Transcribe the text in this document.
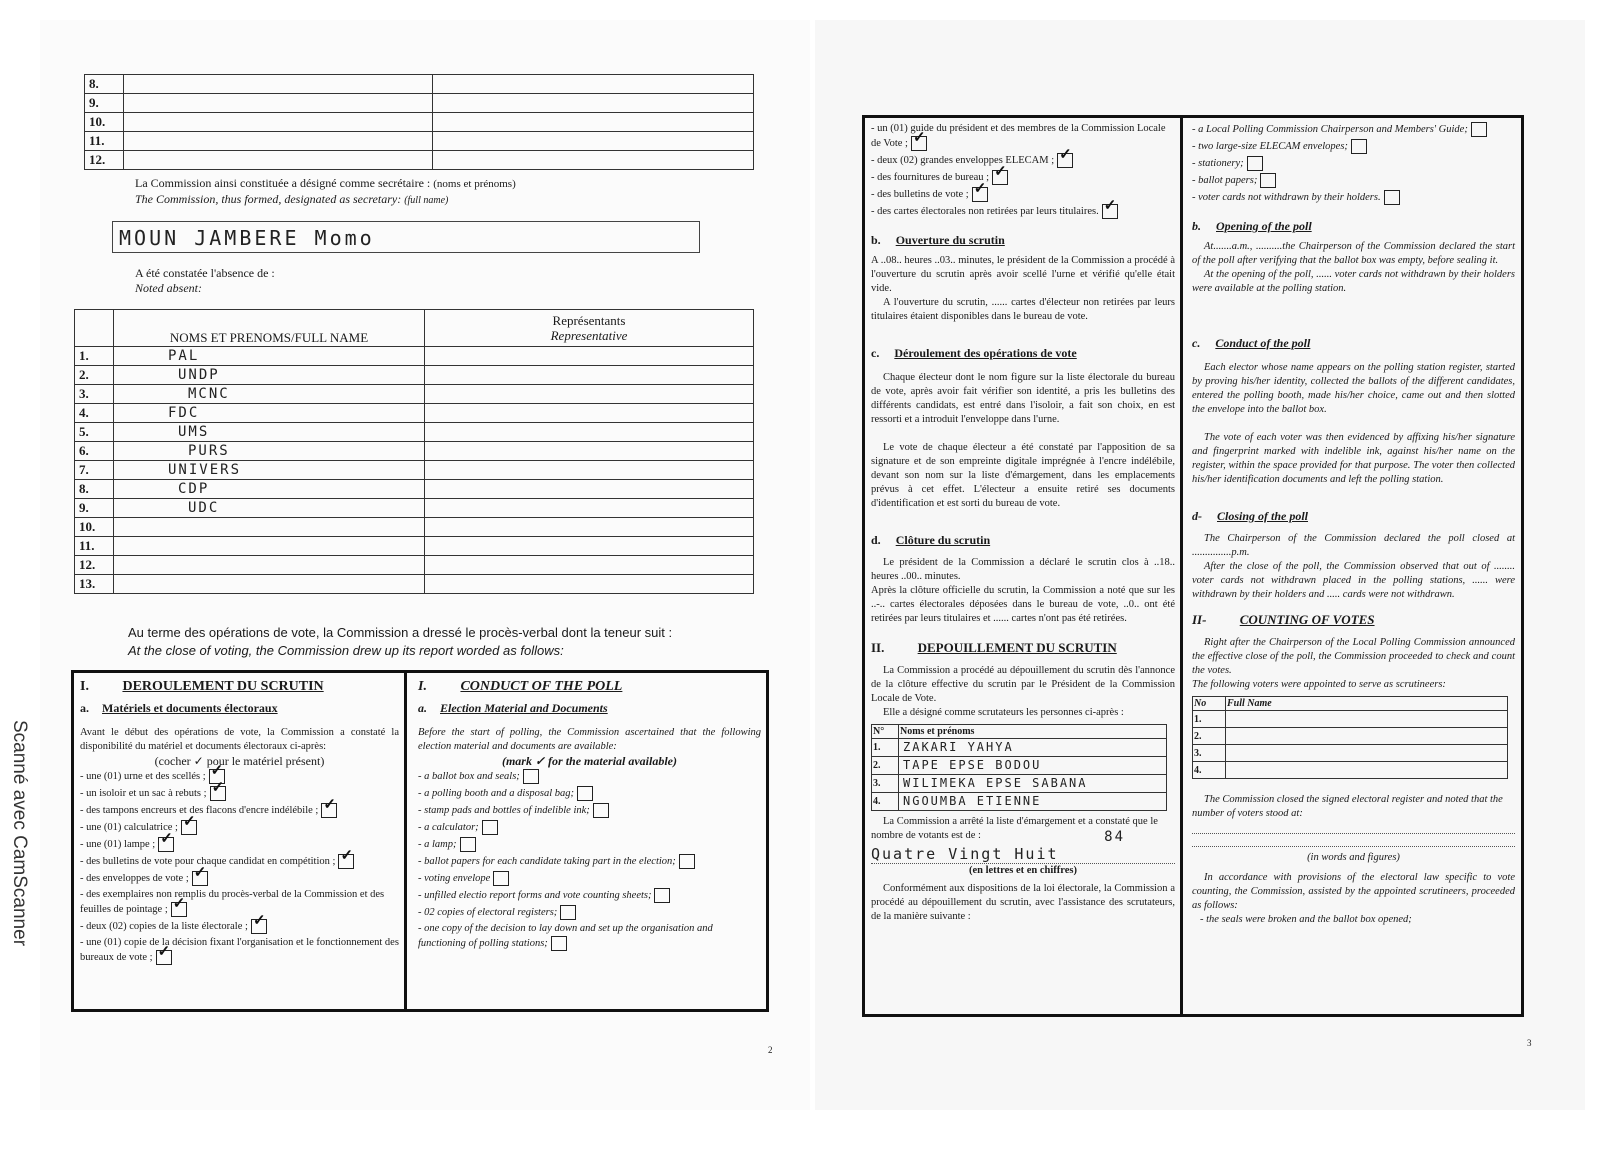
8.		
9.		
10.		
11.		
12.		
La Commission ainsi constituée a désigné comme secrétaire : (noms et prénoms)
The Commission, thus formed, designated as secretary: (full name)
MOUN JAMBERE Momo
A été constatée l'absence de :
Noted absent:
	NOMS ET PRENOMS/FULL NAME	Représentants
Representative

1.	PAL	
2.	UNDP	
3.	MCNC	
4.	FDC	
5.	UMS	
6.	PURS	
7.	UNIVERS	
8.	CDP	
9.	UDC	
10.		
11.		
12.		
13.		
Au terme des opérations de vote, la Commission a dressé le procès-verbal dont la teneur suit :
At the close of voting, the Commission drew up its report worded as follows:
I. DEROULEMENT DU SCRUTIN
a. Matériels et documents électoraux
Avant le début des opérations de vote, la Commission a constaté la disponibilité du matériel et documents électoraux ci-après:
(cocher ✓ pour le matériel présent)
- une (01) urne et des scellés ;✓
- un isoloir et un sac à rebuts ;✓
- des tampons encreurs et des flacons d'encre indélébile ;✓
- une (01) calculatrice ;✓
- une (01) lampe ;✓
- des bulletins de vote pour chaque candidat en compétition ;✓
- des enveloppes de vote ;✓
- des exemplaires non remplis du procès-verbal de la Commission et des feuilles de pointage ;✓
- deux (02) copies de la liste électorale ;✓
- une (01) copie de la décision fixant l'organisation et le fonctionnement des bureaux de vote ;✓
I. CONDUCT OF THE POLL
a. Election Material and Documents
Before the start of polling, the Commission ascertained that the following election material and documents are available:
(mark ✓ for the material available)
- a ballot box and seals;
- a polling booth and a disposal bag;
- stamp pads and bottles of indelible ink;
- a calculator;
- a lamp;
- ballot papers for each candidate taking part in the election;
- voting envelope
- unfilled electio report forms and vote counting sheets;
- 02 copies of electoral registers;
- one copy of the decision to lay down and set up the organisation and functioning of polling stations;
2
- un (01) guide du président et des membres de la Commission Locale de Vote ;✓
- deux (02) grandes enveloppes ELECAM ;✓
- des fournitures de bureau ;✓
- des bulletins de vote ;✓
- des cartes électorales non retirées par leurs titulaires.✓
b. Ouverture du scrutin
A ..08.. heures ..03.. minutes, le président de la Commission a procédé à l'ouverture du scrutin après avoir scellé l'urne et vérifié qu'elle était vide.
A l'ouverture du scrutin, ...... cartes d'électeur non retirées par leurs titulaires étaient disponibles dans le bureau de vote.
c. Déroulement des opérations de vote
Chaque électeur dont le nom figure sur la liste électorale du bureau de vote, après avoir fait vérifier son identité, a pris les bulletins des différents candidats, est entré dans l'isoloir, a fait son choix, en est ressorti et a introduit l'enveloppe dans l'urne.
Le vote de chaque électeur a été constaté par l'apposition de sa signature et de son empreinte digitale imprégnée à l'encre indélébile, devant son nom sur la liste d'émargement, dans les emplacements prévus à cet effet. L'électeur a ensuite retiré ses documents d'identification et est sorti du bureau de vote.
d. Clôture du scrutin
Le président de la Commission a déclaré le scrutin clos à ..18.. heures ..00.. minutes.
Après la clôture officielle du scrutin, la Commission a noté que sur les ..-.. cartes électorales déposées dans le bureau de vote, ..0.. ont été retirées par leurs titulaires et ...... cartes n'ont pas été retirées.
II.	DEPOUILLEMENT DU SCRUTIN
La Commission a procédé au dépouillement du scrutin dès l'annonce de la clôture effective du scrutin par le Président de la Commission Locale de Vote.
Elle a désigné comme scrutateurs les personnes ci-après :
N°	Noms et prénoms
1.	ZAKARI YAHYA
2.	TAPE EPSE BODOU
3.	WILIMEKA EPSE SABANA
4.	NGOUMBA ETIENNE
La Commission a arrêté la liste d'émargement et a constaté que le nombre de votants est de :	84
Quatre Vingt Huit
(en lettres et en chiffres)
Conformément aux dispositions de la loi électorale, la Commission a procédé au dépouillement du scrutin, avec l'assistance des scrutateurs, de la manière suivante :
- a Local Polling Commission Chairperson and Members' Guide;
- two large-size ELECAM envelopes;
- stationery;
- ballot papers;
- voter cards not withdrawn by their holders.
b. Opening of the poll
At.......a.m., ..........the Chairperson of the Commission declared the start of the poll after verifying that the ballot box was empty, before sealing it.
At the opening of the poll, ...... voter cards not withdrawn by their holders were available at the polling station.
c. Conduct of the poll
Each elector whose name appears on the polling station register, started by proving his/her identity, collected the ballots of the different candidates, entered the polling booth, made his/her choice, came out and then slotted the envelope into the ballot box.
The vote of each voter was then evidenced by affixing his/her signature and fingerprint marked with indelible ink, against his/her name on the register, within the space provided for that purpose. The voter then collected his/her identification documents and left the polling station.
d- Closing of the poll
The Chairperson of the Commission declared the poll closed at ...............p.m.
After the close of the poll, the Commission observed that out of ........ voter cards not withdrawn placed in the polling stations, ...... were withdrawn by their holders and ..... cards were not withdrawn.
II-	COUNTING OF VOTES
Right after the Chairperson of the Local Polling Commission announced the effective close of the poll, the Commission proceeded to check and count the votes.
The following voters were appointed to serve as scrutineers:
No	Full Name
1.	
2.	
3.	
4.	
The Commission closed the signed electoral register and noted that the number of voters stood at:
(in words and figures)
In accordance with provisions of the electoral law specific to vote counting, the Commission, assisted by the appointed scrutineers, proceeded as follows:
- the seals were broken and the ballot box opened;
3
Scanné avec CamScanner
